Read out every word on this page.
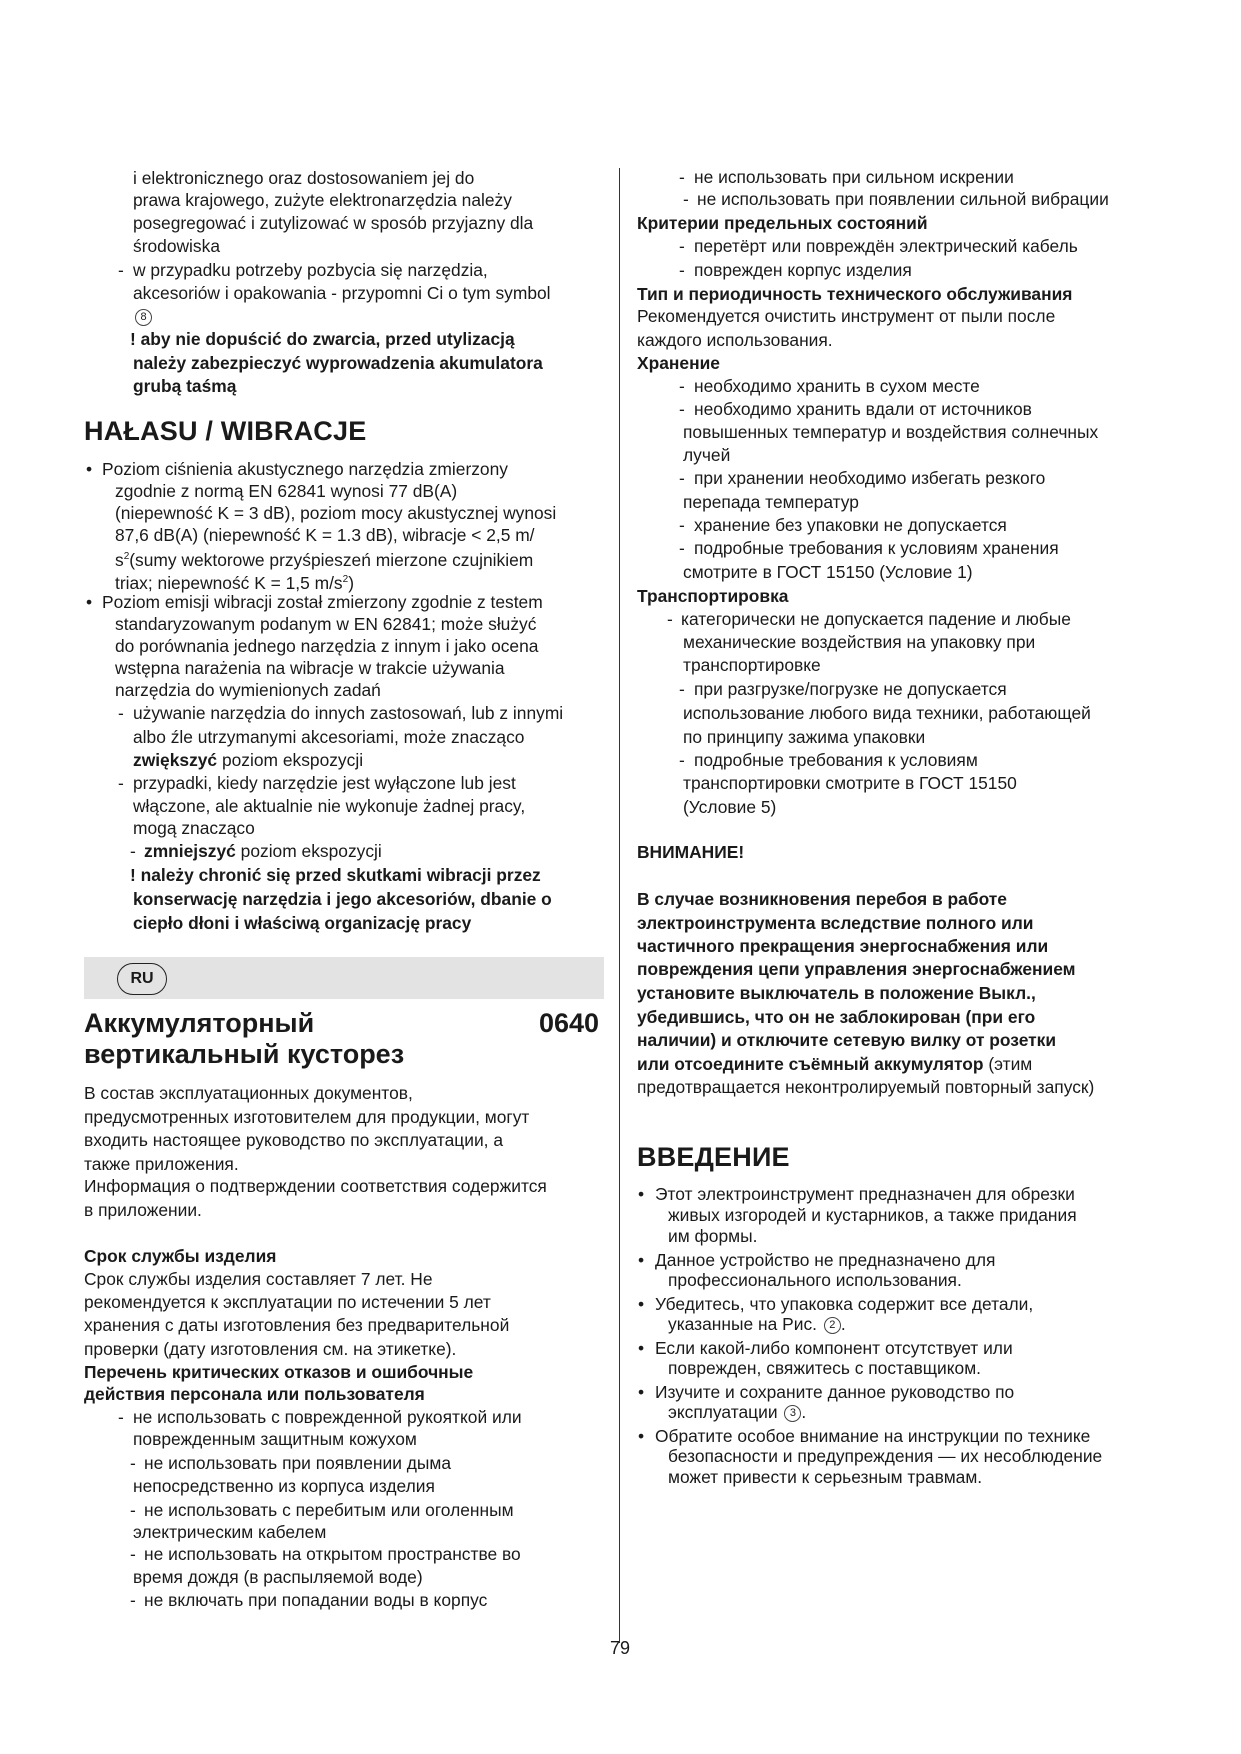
i elektronicznego oraz dostosowaniem jej do
prawa krajowego, zużyte elektronarzędzia należy
posegregować i zutylizować w sposób przyjazny dla
środowiska
- w przypadku potrzeby pozbycia się narzędzia,
akcesoriów i opakowania - przypomni Ci o tym symbol
8
! aby nie dopuścić do zwarcia, przed utylizacją
należy zabezpieczyć wyprowadzenia akumulatora
grubą taśmą
HAŁASU / WIBRACJE
• Poziom ciśnienia akustycznego narzędzia zmierzony
zgodnie z normą EN 62841 wynosi 77 dB(A)
(niepewność K = 3 dB), poziom mocy akustycznej wynosi
87,6 dB(A) (niepewność K = 1.3 dB), wibracje < 2,5 m/
$s^2(sumy$ wektorowe przyśpieszeń mierzone czujnikiem
triax; niepewność K = 1,5 $m/s^2$)
• Poziom emisji wibracji został zmierzony zgodnie z testem
standaryzowanym podanym w EN 62841; może służyć
do porównania jednego narzędzia z innym i jako ocena
wstępna narażenia na wibracje w trakcie używania
narzędzia do wymienionych zadań
- używanie narzędzia do innych zastosowań, lub z innymi
albo źle utrzymanymi akcesoriami, może znacząco
zwiększyć poziom ekspozycji
- przypadki, kiedy narzędzie jest wyłączone lub jest
włączone, ale aktualnie nie wykonuje żadnej pracy,
mogą znacząco
- zmniejszyć poziom ekspozycji
! należy chronić się przed skutkami wibracji przez
konserwację narzędzia i jego akcesoriów, dbanie o
ciepło dłoni i właściwą organizację pracy
RU
Аккумуляторный	0640
вертикальный кусторез
В состав эксплуатационных документов,
предусмотренных изготовителем для продукции, могут
входить настоящее руководство по эксплуатации, а
также приложения.
Информация о подтверждении соответствия содержится
в приложении.
Срок службы изделия
Срок службы изделия составляет 7 лет. Не
рекомендуется к эксплуатации по истечении 5 лет
хранения с даты изготовления без предварительной
проверки (дату изготовления см. на этикетке).
Перечень критических отказов и ошибочные
действия персонала или пользователя
- не использовать с поврежденной рукояткой или
поврежденным защитным кожухом
- не использовать при появлении дыма
непосредственно из корпуса изделия
- не использовать с перебитым или оголенным
электрическим кабелем
- не использовать на открытом пространстве во
время дождя (в распыляемой воде)
- не включать при попадании воды в корпус
- не использовать при сильном искрении
- не использовать при появлении сильной вибрации
Критерии предельных состояний
- перетёрт или повреждён электрический кабель
- поврежден корпус изделия
Тип и периодичность технического обслуживания
Рекомендуется очистить инструмент от пыли после
каждого использования.
Хранение
- необходимо хранить в сухом месте
- необходимо хранить вдали от источников
повышенных температур и воздействия солнечных
лучей
- при хранении необходимо избегать резкого
перепада температур
- хранение без упаковки не допускается
- подробные требования к условиям хранения
смотрите в ГОСТ 15150 (Условие 1)
Транспортировка
- категорически не допускается падение и любые
механические воздействия на упаковку при
транспортировке
- при разгрузке/погрузке не допускается
использование любого вида техники, работающей
по принципу зажима упаковки
- подробные требования к условиям
транспортировки смотрите в ГОСТ 15150
(Условие 5)
ВНИМАНИЕ!
В случае возникновения перебоя в работе
электроинструмента вследствие полного или
частичного прекращения энергоснабжения или
повреждения цепи управления энергоснабжением
установите выключатель в положение Выкл.,
убедившись, что он не заблокирован (при его
наличии) и отключите сетевую вилку от розетки
или отсоедините съёмный аккумулятор (этим
предотвращается неконтролируемый повторный запуск)
ВВЕДЕНИЕ
• Этот электроинструмент предназначен для обрезки
живых изгородей и кустарников, а также придания
им формы.
• Данное устройство не предназначено для
профессионального использования.
• Убедитесь, что упаковка содержит все детали,
указанные на Рис. 2 .
• Если какой-либо компонент отсутствует или
поврежден, свяжитесь с поставщиком.
• Изучите и сохраните данное руководство по
эксплуатации 3 .
• Обратите особое внимание на инструкции по технике
безопасности и предупреждения — их несоблюдение
может привести к серьезным травмам.
79
